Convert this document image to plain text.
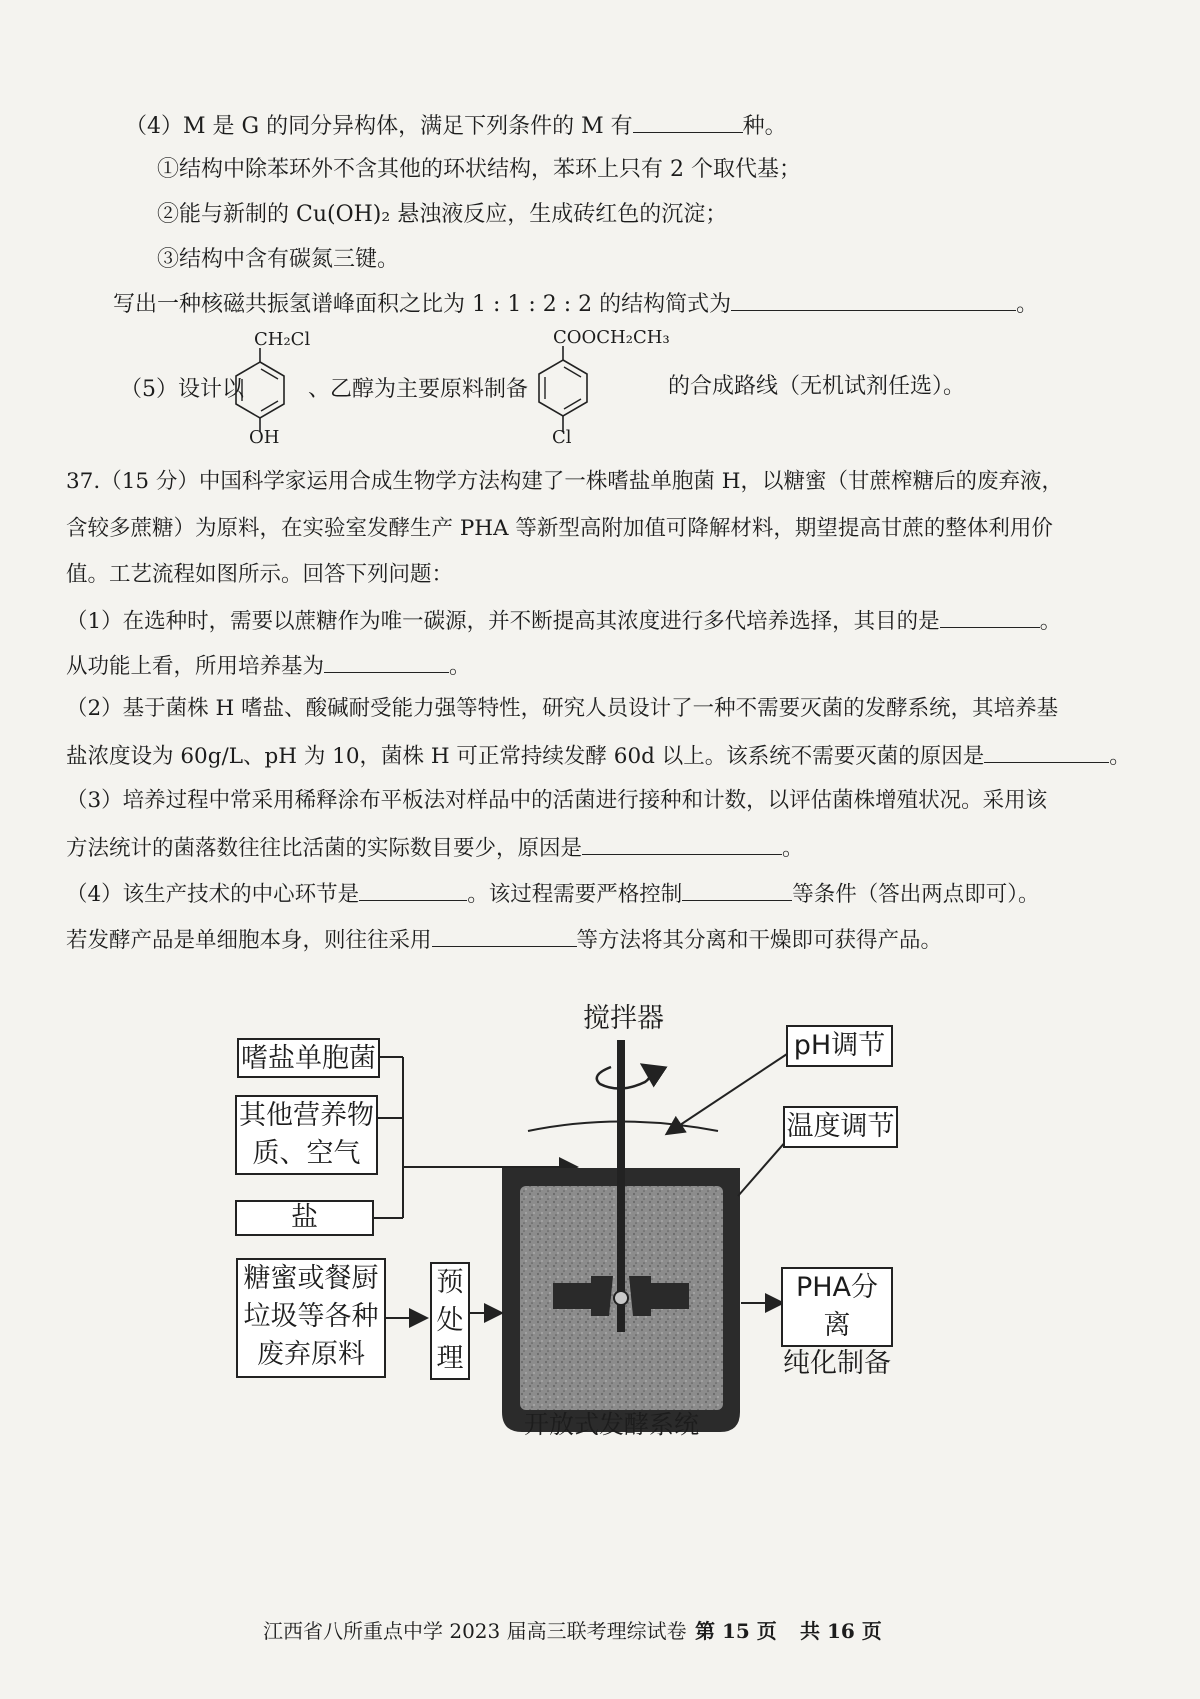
（4）M 是 G 的同分异构体，满足下列条件的 M 有	种。
①结构中除苯环外不含其他的环状结构，苯环上只有 2 个取代基；
②能与新制的 Cu(OH)₂ 悬浊液反应，生成砖红色的沉淀；
③结构中含有碳氮三键。
写出一种核磁共振氢谱峰面积之比为 1 : 1 : 2 : 2 的结构简式为	。
（5）设计以
CH₂Cl
OH
、乙醇为主要原料制备
COOCH₂CH₃
Cl
的合成路线（无机试剂任选）。
37.（15 分）中国科学家运用合成生物学方法构建了一株嗜盐单胞菌 H，以糖蜜（甘蔗榨糖后的废弃液，
含较多蔗糖）为原料，在实验室发酵生产 PHA 等新型高附加值可降解材料，期望提高甘蔗的整体利用价
值。工艺流程如图所示。回答下列问题：
（1）在选种时，需要以蔗糖作为唯一碳源，并不断提高其浓度进行多代培养选择，其目的是	。
从功能上看，所用培养基为	。
（2）基于菌株 H 嗜盐、酸碱耐受能力强等特性，研究人员设计了一种不需要灭菌的发酵系统，其培养基
盐浓度设为 60g/L、pH 为 10，菌株 H 可正常持续发酵 60d 以上。该系统不需要灭菌的原因是	。
（3）培养过程中常采用稀释涂布平板法对样品中的活菌进行接种和计数，以评估菌株增殖状况。采用该
方法统计的菌落数往往比活菌的实际数目要少，原因是	。
（4）该生产技术的中心环节是	。该过程需要严格控制	等条件（答出两点即可）。
若发酵产品是单细胞本身，则往往采用	等方法将其分离和干燥即可获得产品。
搅拌器
pH调节
温度调节
嗜盐单胞菌
其他营养物
质、空气
盐
糖蜜或餐厨
垃圾等各种
废弃原料
预
处
理
PHA分离
纯化制备
开放式发酵系统
江西省八所重点中学 2023 届高三联考理综试卷 第 15 页 共 16 页
